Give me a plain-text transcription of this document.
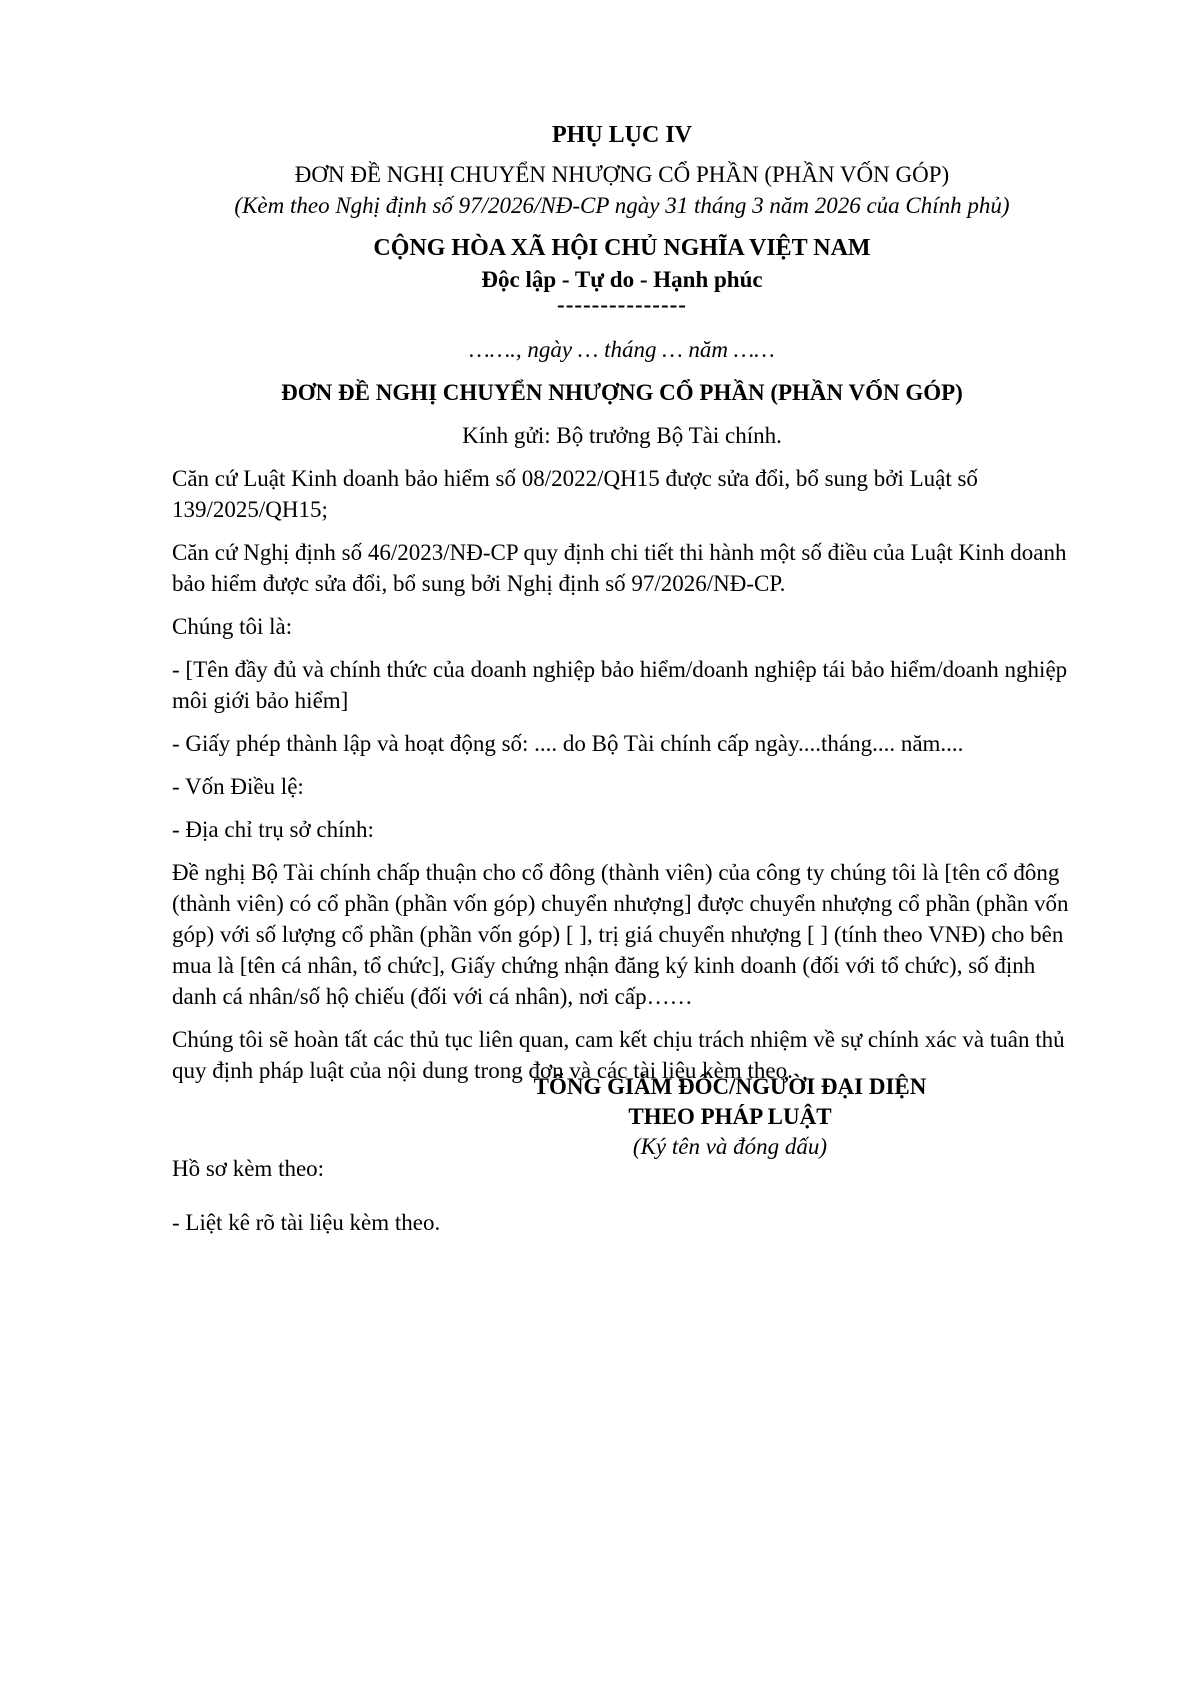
PHỤ LỤC IV

ĐƠN ĐỀ NGHỊ CHUYỂN NHƯỢNG CỔ PHẦN (PHẦN VỐN GÓP)

(Kèm theo Nghị định số 97/2026/NĐ-CP ngày 31 tháng 3 năm 2026 của Chính phủ)

CỘNG HÒA XÃ HỘI CHỦ NGHĨA VIỆT NAM

Độc lập - Tự do - Hạnh phúc

---------------

……., ngày … tháng … năm ……

ĐƠN ĐỀ NGHỊ CHUYỂN NHƯỢNG CỔ PHẦN (PHẦN VỐN GÓP)

Kính gửi: Bộ trưởng Bộ Tài chính.

Căn cứ Luật Kinh doanh bảo hiểm số 08/2022/QH15 được sửa đổi, bổ sung bởi Luật số 139/2025/QH15;

Căn cứ Nghị định số 46/2023/NĐ-CP quy định chi tiết thi hành một số điều của Luật Kinh doanh bảo hiểm được sửa đổi, bổ sung bởi Nghị định số 97/2026/NĐ-CP.

Chúng tôi là:

- [Tên đầy đủ và chính thức của doanh nghiệp bảo hiểm/doanh nghiệp tái bảo hiểm/doanh nghiệp môi giới bảo hiểm]

- Giấy phép thành lập và hoạt động số: .... do Bộ Tài chính cấp ngày....tháng.... năm....

- Vốn Điều lệ:

- Địa chỉ trụ sở chính:

Đề nghị Bộ Tài chính chấp thuận cho cổ đông (thành viên) của công ty chúng tôi là [tên cổ đông (thành viên) có cổ phần (phần vốn góp) chuyển nhượng] được chuyển nhượng cổ phần (phần vốn góp) với số lượng cổ phần (phần vốn góp) [ ], trị giá chuyển nhượng [ ] (tính theo VNĐ) cho bên mua là [tên cá nhân, tổ chức], Giấy chứng nhận đăng ký kinh doanh (đối với tổ chức), số định danh cá nhân/số hộ chiếu (đối với cá nhân), nơi cấp……

Chúng tôi sẽ hoàn tất các thủ tục liên quan, cam kết chịu trách nhiệm về sự chính xác và tuân thủ quy định pháp luật của nội dung trong đơn và các tài liệu kèm theo.

TỔNG GIÁM ĐỐC/NGƯỜI ĐẠI DIỆN

THEO PHÁP LUẬT

(Ký tên và đóng dấu)

Hồ sơ kèm theo:

- Liệt kê rõ tài liệu kèm theo.
